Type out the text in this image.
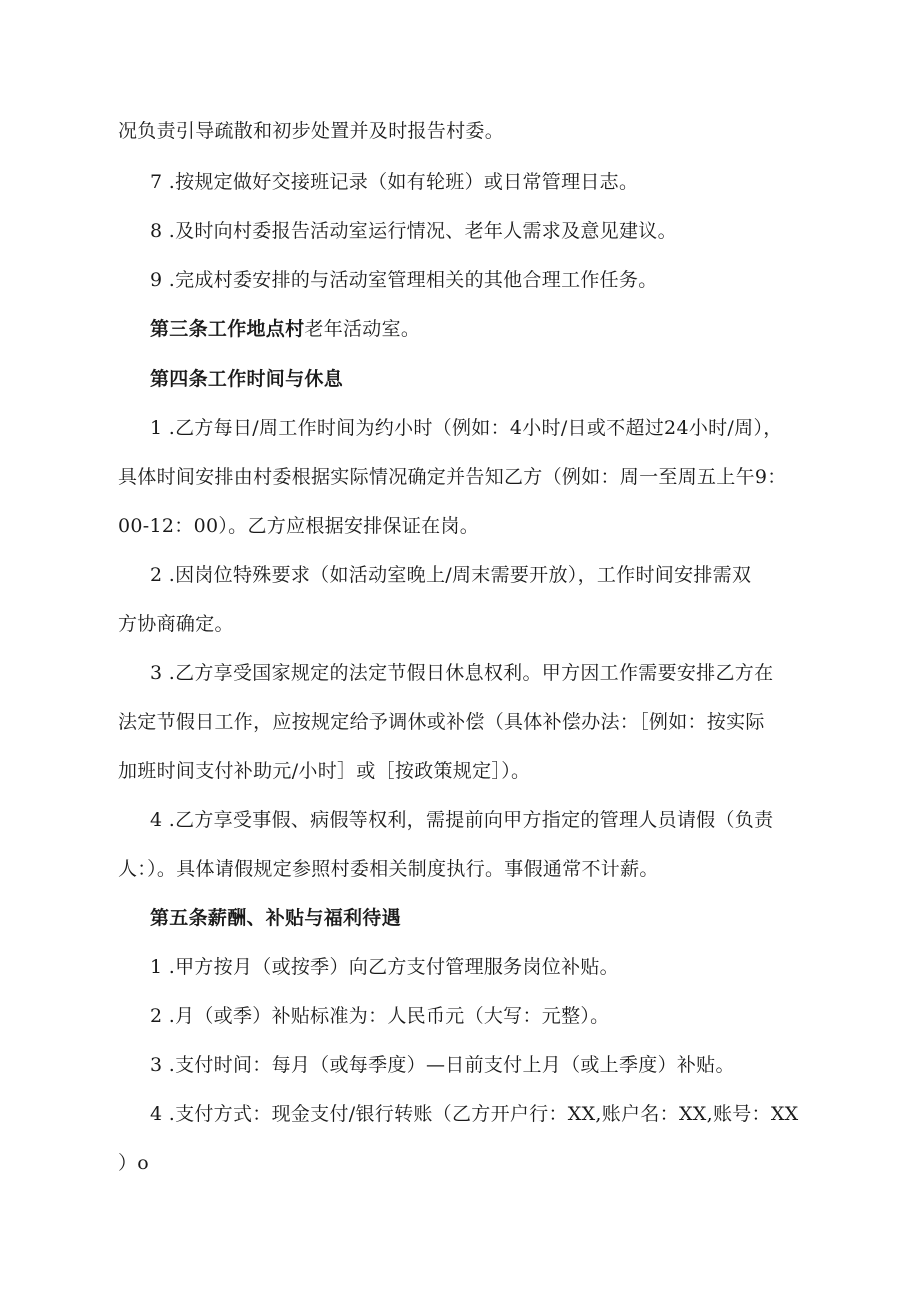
况负责引导疏散和初步处置并及时报告村委。
7 .按规定做好交接班记录（如有轮班）或日常管理日志。
8 .及时向村委报告活动室运行情况、老年人需求及意见建议。
9 .完成村委安排的与活动室管理相关的其他合理工作任务。
第三条工作地点村老年活动室。
第四条工作时间与休息
1 .乙方每日/周工作时间为约小时（例如：4小时/日或不超过24小时/周），
具体时间安排由村委根据实际情况确定并告知乙方（例如：周一至周五上午9：
00-12：00）。乙方应根据安排保证在岗。
2 .因岗位特殊要求（如活动室晚上/周末需要开放），工作时间安排需双
方协商确定。
3 .乙方享受国家规定的法定节假日休息权利。甲方因工作需要安排乙方在
法定节假日工作，应按规定给予调休或补偿（具体补偿办法：［例如：按实际
加班时间支付补助元/小时］或［按政策规定］）。
4 .乙方享受事假、病假等权利，需提前向甲方指定的管理人员请假（负责
人：）。具体请假规定参照村委相关制度执行。事假通常不计薪。
第五条薪酬、补贴与福利待遇
1 .甲方按月（或按季）向乙方支付管理服务岗位补贴。
2 .月（或季）补贴标准为：人民币元（大写：元整）。
3 .支付时间：每月（或每季度）—日前支付上月（或上季度）补贴。
4 .支付方式：现金支付/银行转账（乙方开户行：XX,账户名：XX,账号：XX
）o
